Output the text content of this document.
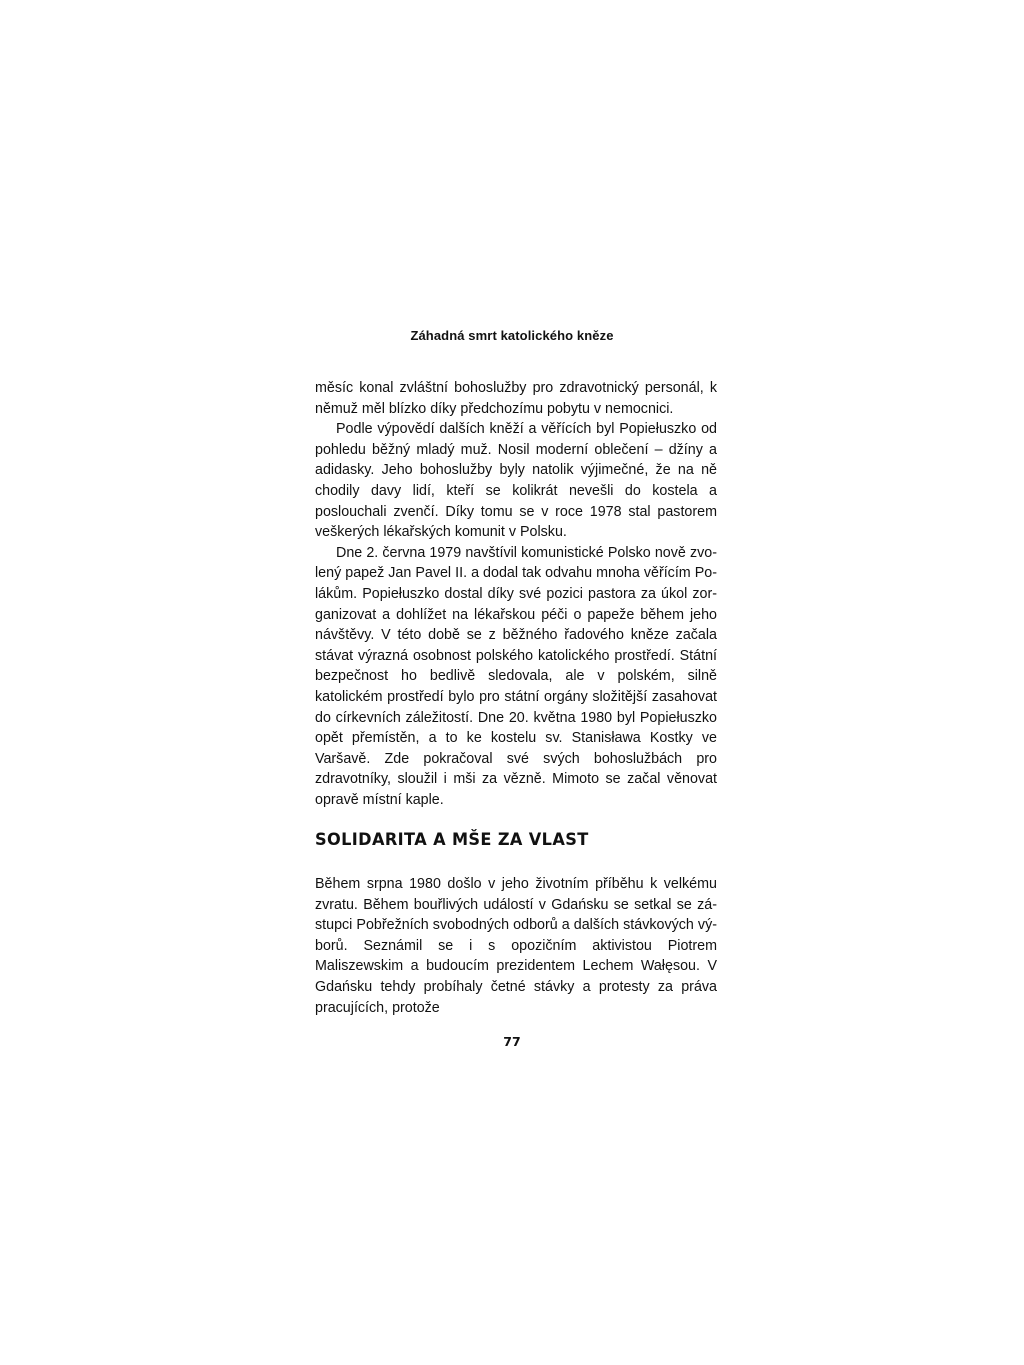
Záhadná smrt katolického kněze

měsíc konal zvláštní bohoslužby pro zdravotnický personál, k němuž měl blízko díky předchozímu pobytu v nemocnici.

Podle výpovědí dalších kněží a věřících byl Popiełuszko od pohledu běžný mladý muž. Nosil moderní oblečení – džíny a adidasky. Jeho bohoslužby byly natolik výjimečné, že na ně chodily davy lidí, kteří se kolikrát nevešli do kostela a poslouchali zvenčí. Díky tomu se v roce 1978 stal pastorem veškerých lékařských komunit v Polsku.

Dne 2. června 1979 navštívil komunistické Polsko nově zvolený papež Jan Pavel II. a dodal tak odvahu mnoha věřícím Polákům. Popiełuszko dostal díky své pozici pastora za úkol zorganizovat a dohlížet na lékařskou péči o papeže během jeho návštěvy. V této době se z běžného řadového kněze začala stávat výrazná osobnost polského katolického prostředí. Státní bezpečnost ho bedlivě sledovala, ale v polském, silně katolickém prostředí bylo pro státní orgány složitější zasahovat do církevních záležitostí. Dne 20. května 1980 byl Popiełuszko opět přemístěn, a to ke kostelu sv. Stanisława Kostky ve Varšavě. Zde pokračoval své svých bohoslužbách pro zdravotníky, sloužil i mši za vězně. Mimoto se začal věnovat opravě místní kaple.

SOLIDARITA A MŠE ZA VLAST

Během srpna 1980 došlo v jeho životním příběhu k velkému zvratu. Během bouřlivých událostí v Gdańsku se setkal se zástupci Pobřežních svobodných odborů a dalších stávkových výborů. Seznámil se i s opozičním aktivistou Piotrem Maliszewskim a budoucím prezidentem Lechem Wałęsou. V Gdańsku tehdy probíhaly četné stávky a protesty za práva pracujících, protože

77
